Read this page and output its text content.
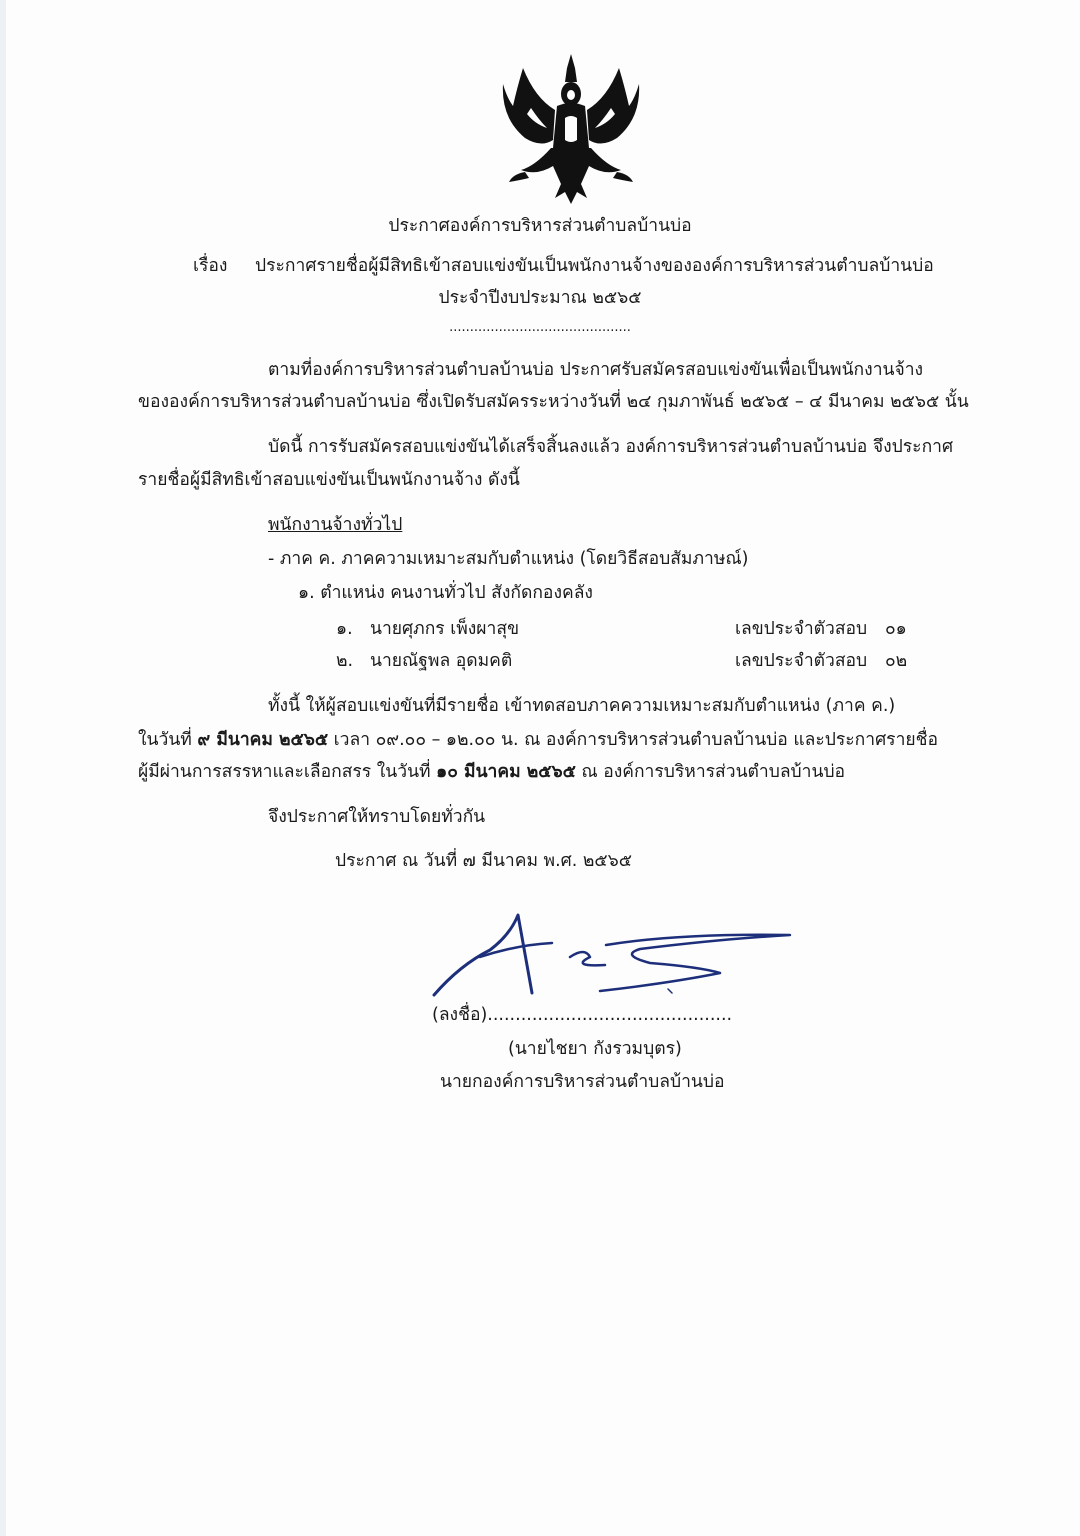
ประกาศองค์การบริหารส่วนตำบลบ้านบ่อ
เรื่อง ประกาศรายชื่อผู้มีสิทธิเข้าสอบแข่งขันเป็นพนักงานจ้างขององค์การบริหารส่วนตำบลบ้านบ่อ
ประจำปีงบประมาณ ๒๕๖๕
............................................
ตามที่องค์การบริหารส่วนตำบลบ้านบ่อ ประกาศรับสมัครสอบแข่งขันเพื่อเป็นพนักงานจ้าง
ขององค์การบริหารส่วนตำบลบ้านบ่อ ซึ่งเปิดรับสมัครระหว่างวันที่ ๒๔ กุมภาพันธ์ ๒๕๖๕ – ๔ มีนาคม ๒๕๖๕ นั้น
บัดนี้ การรับสมัครสอบแข่งขันได้เสร็จสิ้นลงแล้ว องค์การบริหารส่วนตำบลบ้านบ่อ จึงประกาศ
รายชื่อผู้มีสิทธิเข้าสอบแข่งขันเป็นพนักงานจ้าง ดังนี้
พนักงานจ้างทั่วไป
- ภาค ค. ภาคความเหมาะสมกับตำแหน่ง (โดยวิธีสอบสัมภาษณ์)
๑. ตำแหน่ง คนงานทั่วไป สังกัดกองคลัง
๑. นายศุภกร เพ็งผาสุข	เลขประจำตัวสอบ ๐๑
๒. นายณัฐพล อุดมคติ	เลขประจำตัวสอบ ๐๒
ทั้งนี้ ให้ผู้สอบแข่งขันที่มีรายชื่อ เข้าทดสอบภาคความเหมาะสมกับตำแหน่ง (ภาค ค.)
ในวันที่ ๙ มีนาคม ๒๕๖๕ เวลา ๐๙.๐๐ – ๑๒.๐๐ น. ณ องค์การบริหารส่วนตำบลบ้านบ่อ และประกาศรายชื่อ
ผู้มีผ่านการสรรหาและเลือกสรร ในวันที่ ๑๐ มีนาคม ๒๕๖๕ ณ องค์การบริหารส่วนตำบลบ้านบ่อ
จึงประกาศให้ทราบโดยทั่วกัน
ประกาศ ณ วันที่ ๗ มีนาคม พ.ศ. ๒๕๖๕
(ลงชื่อ)............................................
(นายไชยา กังรวมบุตร)
นายกองค์การบริหารส่วนตำบลบ้านบ่อ
